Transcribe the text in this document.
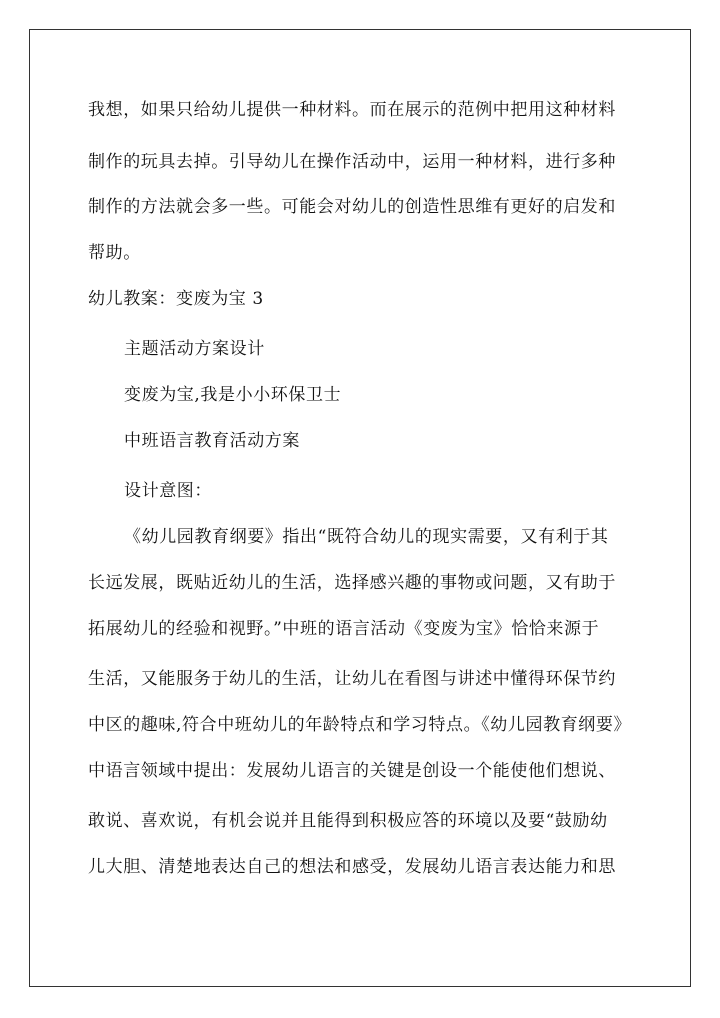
我想，如果只给幼儿提供一种材料。而在展示的范例中把用这种材料
制作的玩具去掉。引导幼儿在操作活动中，运用一种材料，进行多种
制作的方法就会多一些。可能会对幼儿的创造性思维有更好的启发和
帮助。
幼儿教案：变废为宝 3
主题活动方案设计
变废为宝,我是小小环保卫士
中班语言教育活动方案
设计意图：
《幼儿园教育纲要》指出“既符合幼儿的现实需要，又有利于其
长远发展，既贴近幼儿的生活，选择感兴趣的事物或问题，又有助于
拓展幼儿的经验和视野。”中班的语言活动《变废为宝》恰恰来源于
生活，又能服务于幼儿的生活，让幼儿在看图与讲述中懂得环保节约
中区的趣味,符合中班幼儿的年龄特点和学习特点。《幼儿园教育纲要》
中语言领域中提出：发展幼儿语言的关键是创设一个能使他们想说、
敢说、喜欢说，有机会说并且能得到积极应答的环境以及要“鼓励幼
儿大胆、清楚地表达自己的想法和感受，发展幼儿语言表达能力和思
